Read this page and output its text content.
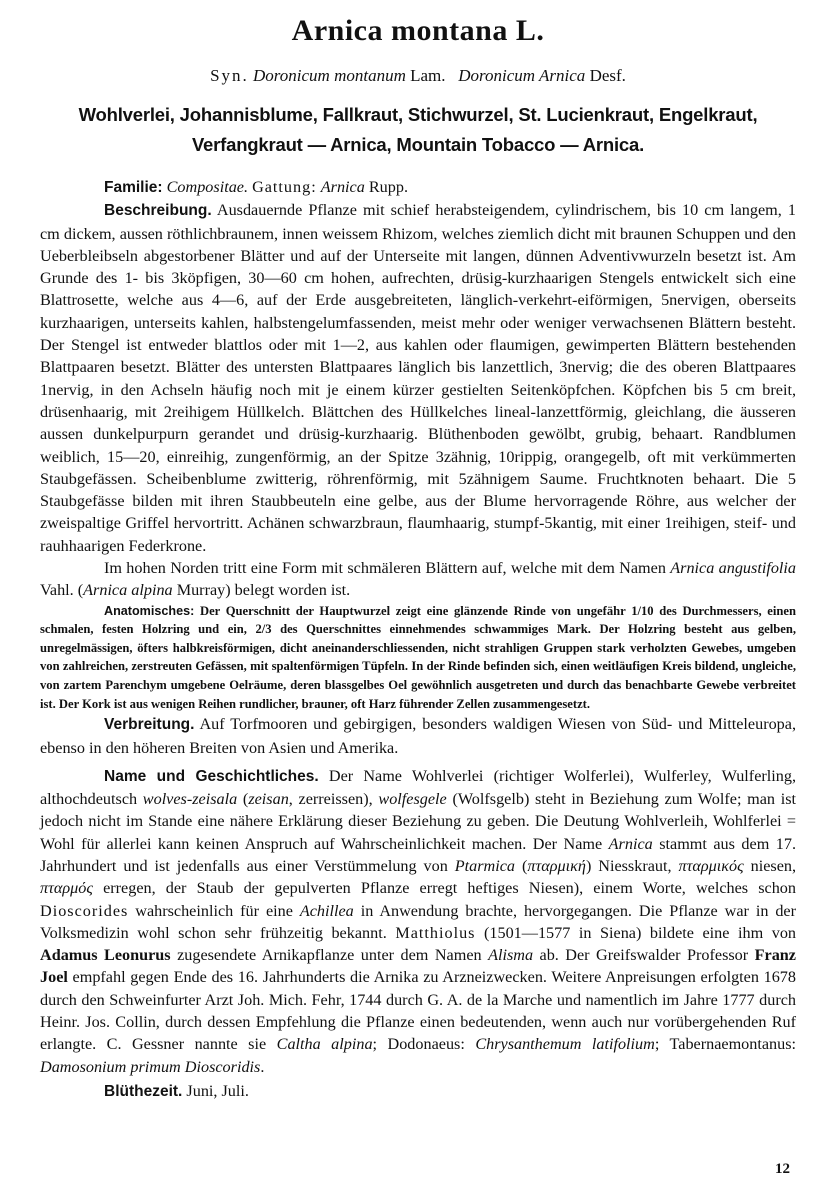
Arnica montana L.
Syn. Doronicum montanum Lam. Doronicum Arnica Desf.
Wohlverlei, Johannisblume, Fallkraut, Stichwurzel, St. Lucienkraut, Engelkraut,
Verfangkraut — Arnica, Mountain Tobacco — Arnica.

Familie: Compositae. Gattung: Arnica Rupp.

Beschreibung. Ausdauernde Pflanze mit schief herabsteigendem, cylindrischem, bis 10 cm langem, 1 cm dickem, aussen röthlichbraunem, innen weissem Rhizom, welches ziemlich dicht mit braunen Schuppen und den Ueberbleibseln abgestorbener Blätter und auf der Unterseite mit langen, dünnen Adventivwurzeln besetzt ist. Am Grunde des 1- bis 3köpfigen, 30—60 cm hohen, aufrechten, drüsig-kurzhaarigen Stengels entwickelt sich eine Blattrosette, welche aus 4—6, auf der Erde ausgebreiteten, länglich-verkehrt-eiförmigen, 5nervigen, oberseits kurzhaarigen, unterseits kahlen, halbstengelumfassenden, meist mehr oder weniger verwachsenen Blättern besteht. Der Stengel ist entweder blattlos oder mit 1—2, aus kahlen oder flaumigen, gewimperten Blättern bestehenden Blattpaaren besetzt. Blätter des untersten Blattpaares länglich bis lanzettlich, 3nervig; die des oberen Blattpaares 1nervig, in den Achseln häufig noch mit je einem kürzer gestielten Seitenköpfchen. Köpfchen bis 5 cm breit, drüsenhaarig, mit 2reihigem Hüllkelch. Blättchen des Hüllkelches lineal-lanzettförmig, gleichlang, die äusseren aussen dunkelpurpurn gerandet und drüsig-kurzhaarig. Blüthenboden gewölbt, grubig, behaart. Randblumen weiblich, 15—20, einreihig, zungenförmig, an der Spitze 3zähnig, 10rippig, orangegelb, oft mit verkümmerten Staubgefässen. Scheibenblume zwitterig, röhrenförmig, mit 5zähnigem Saume. Fruchtknoten behaart. Die 5 Staubgefässe bilden mit ihren Staubbeuteln eine gelbe, aus der Blume hervorragende Röhre, aus welcher der zweispaltige Griffel hervortritt. Achänen schwarzbraun, flaumhaarig, stumpf-5kantig, mit einer 1reihigen, steif- und rauhhaarigen Federkrone.

Im hohen Norden tritt eine Form mit schmäleren Blättern auf, welche mit dem Namen Arnica angustifolia Vahl. (Arnica alpina Murray) belegt worden ist.

Anatomisches: Der Querschnitt der Hauptwurzel zeigt eine glänzende Rinde von ungefähr 1/10 des Durchmessers, einen schmalen, festen Holzring und ein, 2/3 des Querschnittes einnehmendes schwammiges Mark. Der Holzring besteht aus gelben, unregelmässigen, öfters halbkreisförmigen, dicht aneinanderschliessenden, nicht strahligen Gruppen stark verholzten Gewebes, umgeben von zahlreichen, zerstreuten Gefässen, mit spaltenförmigen Tüpfeln. In der Rinde befinden sich, einen weitläufigen Kreis bildend, ungleiche, von zartem Parenchym umgebene Oelräume, deren blassgelbes Oel gewöhnlich ausgetreten und durch das benachbarte Gewebe verbreitet ist. Der Kork ist aus wenigen Reihen rundlicher, brauner, oft Harz führender Zellen zusammengesetzt.

Verbreitung. Auf Torfmooren und gebirgigen, besonders waldigen Wiesen von Süd- und Mitteleuropa, ebenso in den höheren Breiten von Asien und Amerika.

Name und Geschichtliches. Der Name Wohlverlei (richtiger Wolferlei), Wulferley, Wulferling, althochdeutsch wolves-zeisala (zeisan, zerreissen), wolfesgele (Wolfsgelb) steht in Beziehung zum Wolfe; man ist jedoch nicht im Stande eine nähere Erklärung dieser Beziehung zu geben. Die Deutung Wohlverleih, Wohlferlei = Wohl für allerlei kann keinen Anspruch auf Wahrscheinlichkeit machen. Der Name Arnica stammt aus dem 17. Jahrhundert und ist jedenfalls aus einer Verstümmelung von Ptarmica (πταρμική) Niesskraut, πταρμικός niesen, πταρμός erregen, der Staub der gepulverten Pflanze erregt heftiges Niesen), einem Worte, welches schon Dioscorides wahrscheinlich für eine Achillea in Anwendung brachte, hervorgegangen. Die Pflanze war in der Volksmedizin wohl schon sehr frühzeitig bekannt. Matthiolus (1501—1577 in Siena) bildete eine ihm von Adamus Leonurus zugesendete Arnikapflanze unter dem Namen Alisma ab. Der Greifswalder Professor Franz Joel empfahl gegen Ende des 16. Jahrhunderts die Arnika zu Arzneizwecken. Weitere Anpreisungen erfolgten 1678 durch den Schweinfurter Arzt Joh. Mich. Fehr, 1744 durch G. A. de la Marche und namentlich im Jahre 1777 durch Heinr. Jos. Collin, durch dessen Empfehlung die Pflanze einen bedeutenden, wenn auch nur vorübergehenden Ruf erlangte. C. Gessner nannte sie Caltha alpina; Dodonaeus: Chrysanthemum latifolium; Tabernaemontanus: Damosonium primum Dioscoridis.

Blüthezeit. Juni, Juli.

12
